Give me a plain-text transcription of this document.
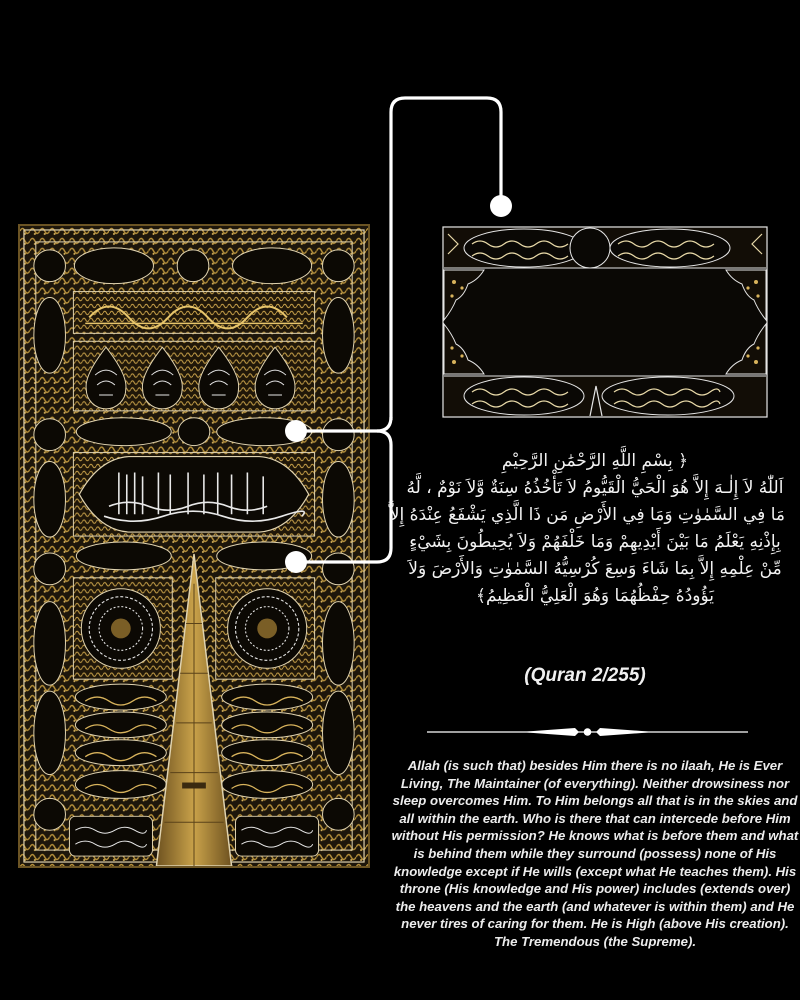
﴿ بِسْمِ اللَّهِ الرَّحْمَٰنِ الرَّحِيْمِ
اَللّٰهُ لاَ إِلٰـهَ إِلاَّ هُوَ الْحَيُّ الْقَيُّومُ لاَ تَأْخُذُهُ سِنَةٌ وَّلاَ نَوْمٌ ، لَّهُ
مَا فِي السَّمٰوٰتِ وَمَا فِي الأَرْضِ مَن ذَا الَّذِي يَشْفَعُ عِنْدَهُ إِلاَّ
بِإِذْنِهِ يَعْلَمُ مَا بَيْنَ أَيْدِيهِمْ وَمَا خَلْفَهُمْ وَلاَ يُحِيطُونَ بِشَيْءٍ
مِّنْ عِلْمِهِ إِلاَّ بِمَا شَاءَ وَسِعَ كُرْسِيُّهُ السَّمٰوٰتِ وَالأَرْضَ وَلاَ
يَؤُودُهُ حِفْظُهُمَا وَهُوَ الْعَلِيُّ الْعَظِيمُ﴾
(Quran 2/255)
Allah (is such that) besides Him there is no ilaah, He is Ever Living, The Maintainer (of everything). Neither drowsiness nor sleep overcomes Him. To Him belongs all that is in the skies and all within the earth. Who is there that can intercede before Him without His permission? He knows what is before them and what is behind them while they surround (possess) none of His knowledge except if He wills (except what He teaches them). His throne (His knowledge and His power) includes (extends over) the heavens and the earth (and whatever is within them) and He never tires of caring for them. He is High (above His creation). The Tremendous (the Supreme).
